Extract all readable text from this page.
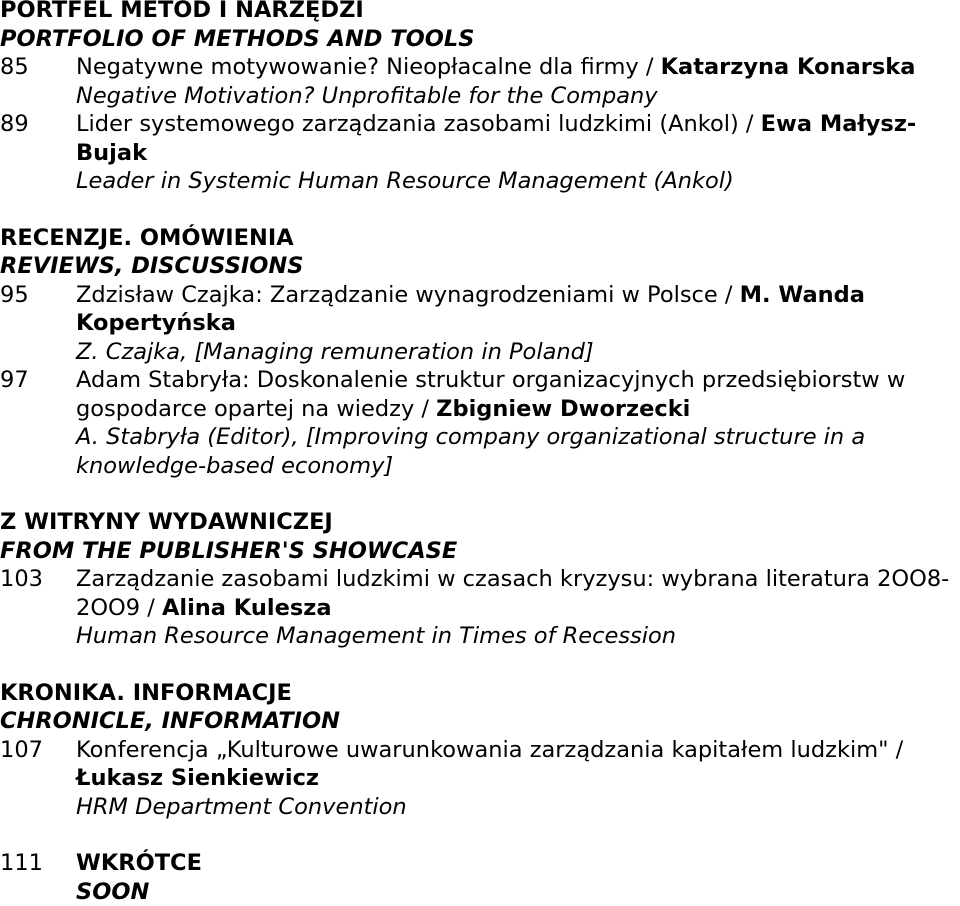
PORTFEL METOD I NARZĘDZI
PORTFOLIO OF METHODS AND TOOLS
85	Negatywne motywowanie? Nieopłacalne dla firmy / Katarzyna Konarska
Negative Motivation? Unprofitable for the Company
89	Lider systemowego zarządzania zasobami ludzkimi (Ankol) / Ewa Małysz-Bujak
Leader in Systemic Human Resource Management (Ankol)
RECENZJE. OMÓWIENIA
REVIEWS, DISCUSSIONS
95	Zdzisław Czajka: Zarządzanie wynagrodzeniami w Polsce / M. Wanda Kopertyńska
Z. Czajka, [Managing remuneration in Poland]
97	Adam Stabryła: Doskonalenie struktur organizacyjnych przedsiębiorstw w gospodarce opartej na wiedzy / Zbigniew Dworzecki
A. Stabryła (Editor), [Improving company organizational structure in a knowledge-based economy]
Z WITRYNY WYDAWNICZEJ
FROM THE PUBLISHER'S SHOWCASE
103	Zarządzanie zasobami ludzkimi w czasach kryzysu: wybrana literatura 2OO8-2OO9 / Alina Kulesza
Human Resource Management in Times of Recession
KRONIKA. INFORMACJE
CHRONICLE, INFORMATION
107	Konferencja „Kulturowe uwarunkowania zarządzania kapitałem ludzkim" / Łukasz Sienkiewicz
HRM Department Convention
111	WKRÓTCE
SOON
